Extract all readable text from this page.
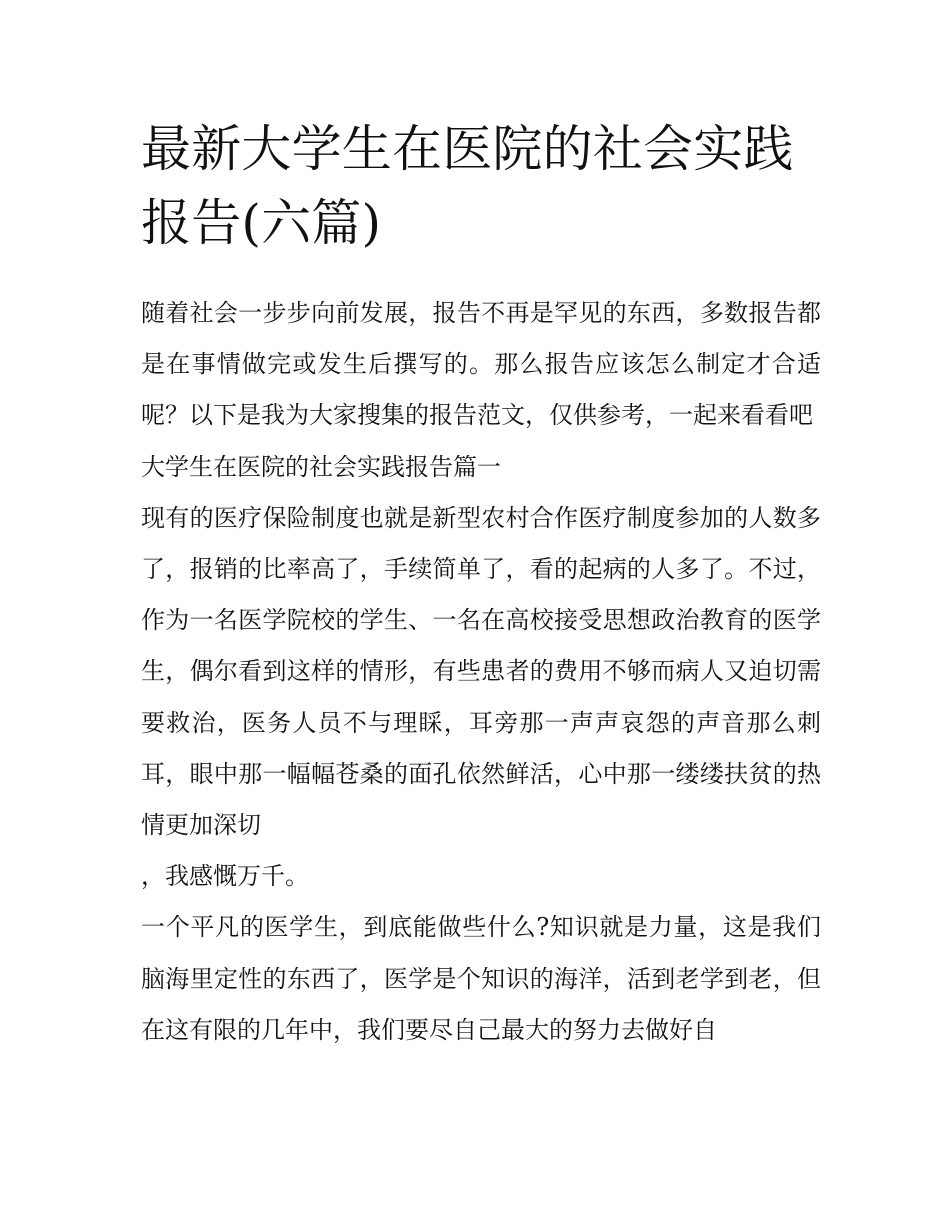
最新大学生在医院的社会实践报告(六篇)

随着社会一步步向前发展，报告不再是罕见的东西，多数报告都是在事情做完或发生后撰写的。那么报告应该怎么制定才合适呢？以下是我为大家搜集的报告范文，仅供参考，一起来看看吧

大学生在医院的社会实践报告篇一

现有的医疗保险制度也就是新型农村合作医疗制度参加的人数多了，报销的比率高了，手续简单了，看的起病的人多了。不过，作为一名医学院校的学生、一名在高校接受思想政治教育的医学生，偶尔看到这样的情形，有些患者的费用不够而病人又迫切需要救治，医务人员不与理睬，耳旁那一声声哀怨的声音那么刺耳，眼中那一幅幅苍桑的面孔依然鲜活，心中那一缕缕扶贫的热情更加深切

，我感慨万千。

一个平凡的医学生，到底能做些什么?知识就是力量，这是我们脑海里定性的东西了，医学是个知识的海洋，活到老学到老，但在这有限的几年中，我们要尽自己最大的努力去做好自
